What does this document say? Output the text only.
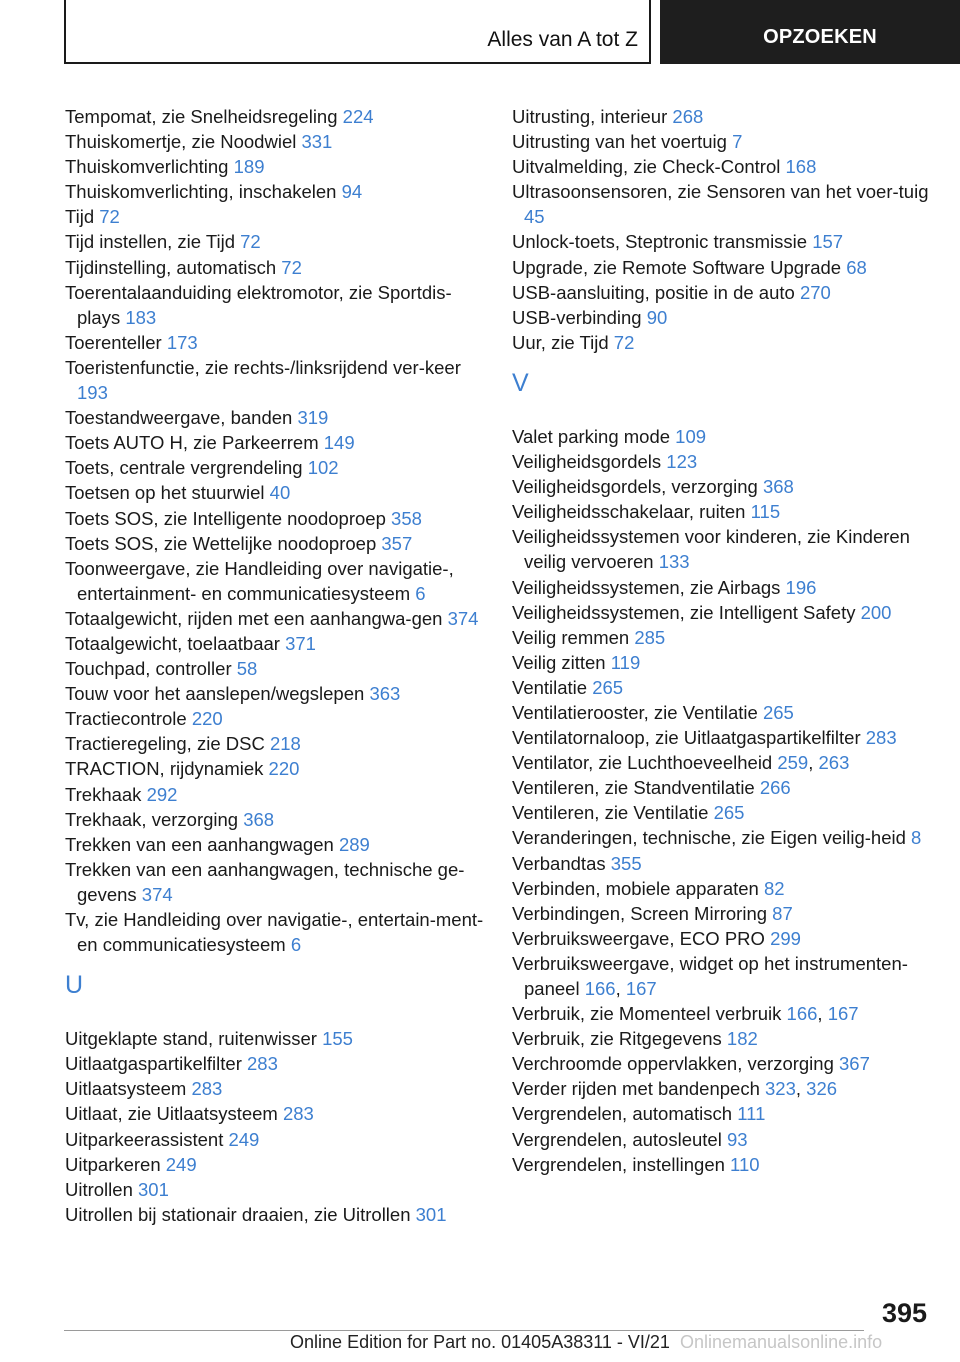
Alles van A tot Z	OPZOEKEN

Tempomat, zie Snelheidsregeling 224

Thuiskomertje, zie Noodwiel 331

Thuiskomverlichting 189

Thuiskomverlichting, inschakelen 94

Tijd 72

Tijd instellen, zie Tijd 72

Tijdinstelling, automatisch 72

Toerentalaanduiding elektromotor, zie Sportdis-plays 183

Toerenteller 173

Toeristenfunctie, zie rechts-/linksrijdend ver-keer 193

Toestandweergave, banden 319

Toets AUTO H, zie Parkeerrem 149

Toets, centrale vergrendeling 102

Toetsen op het stuurwiel 40

Toets SOS, zie Intelligente noodoproep 358

Toets SOS, zie Wettelijke noodoproep 357

Toonweergave, zie Handleiding over navigatie-, entertainment- en communicatiesysteem 6

Totaalgewicht, rijden met een aanhangwa-gen 374

Totaalgewicht, toelaatbaar 371

Touchpad, controller 58

Touw voor het aanslepen/wegslepen 363

Tractiecontrole 220

Tractieregeling, zie DSC 218

TRACTION, rijdynamiek 220

Trekhaak 292

Trekhaak, verzorging 368

Trekken van een aanhangwagen 289

Trekken van een aanhangwagen, technische ge-gevens 374

Tv, zie Handleiding over navigatie-, entertain-ment- en communicatiesysteem 6

U

Uitgeklapte stand, ruitenwisser 155

Uitlaatgaspartikelfilter 283

Uitlaatsysteem 283

Uitlaat, zie Uitlaatsysteem 283

Uitparkeerassistent 249

Uitparkeren 249

Uitrollen 301

Uitrollen bij stationair draaien, zie Uitrollen 301

Uitrusting, interieur 268

Uitrusting van het voertuig 7

Uitvalmelding, zie Check-Control 168

Ultrasoonsensoren, zie Sensoren van het voer-tuig 45

Unlock-toets, Steptronic transmissie 157

Upgrade, zie Remote Software Upgrade 68

USB-aansluiting, positie in de auto 270

USB-verbinding 90

Uur, zie Tijd 72

V

Valet parking mode 109

Veiligheidsgordels 123

Veiligheidsgordels, verzorging 368

Veiligheidsschakelaar, ruiten 115

Veiligheidssystemen voor kinderen, zie Kinderen veilig vervoeren 133

Veiligheidssystemen, zie Airbags 196

Veiligheidssystemen, zie Intelligent Safety 200

Veilig remmen 285

Veilig zitten 119

Ventilatie 265

Ventilatierooster, zie Ventilatie 265

Ventilatornaloop, zie Uitlaatgaspartikelfilter 283

Ventilator, zie Luchthoeveelheid 259, 263

Ventileren, zie Standventilatie 266

Ventileren, zie Ventilatie 265

Veranderingen, technische, zie Eigen veilig-heid 8

Verbandtas 355

Verbinden, mobiele apparaten 82

Verbindingen, Screen Mirroring 87

Verbruiksweergave, ECO PRO 299

Verbruiksweergave, widget op het instrumenten-paneel 166, 167

Verbruik, zie Momenteel verbruik 166, 167

Verbruik, zie Ritgegevens 182

Verchroomde oppervlakken, verzorging 367

Verder rijden met bandenpech 323, 326

Vergrendelen, automatisch 111

Vergrendelen, autosleutel 93

Vergrendelen, instellingen 110

395
Online Edition for Part no. 01405A38311 - VI/21 Onlinemanualsonline.info
